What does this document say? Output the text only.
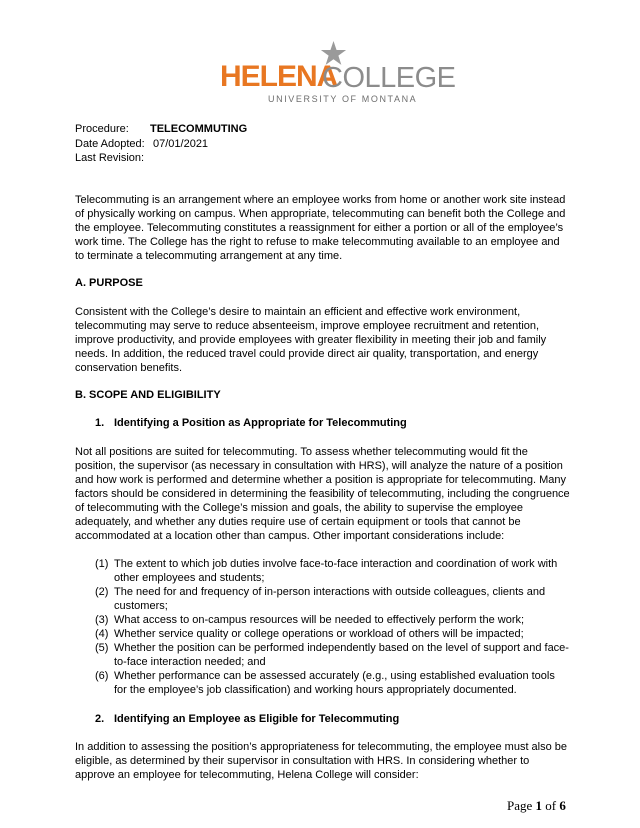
HELENA
COLLEGE
UNIVERSITY OF MONTANA
Procedure:	TELECOMMUTING
Date Adopted: 07/01/2021
Last Revision:

Telecommuting is an arrangement where an employee works from home or another work site instead of physically working on campus. When appropriate, telecommuting can benefit both the College and the employee. Telecommuting constitutes a reassignment for either a portion or all of the employee’s work time. The College has the right to refuse to make telecommuting available to an employee and to terminate a telecommuting arrangement at any time.

A. PURPOSE

Consistent with the College’s desire to maintain an efficient and effective work environment, telecommuting may serve to reduce absenteeism, improve employee recruitment and retention, improve productivity, and provide employees with greater flexibility in meeting their job and family needs. In addition, the reduced travel could provide direct air quality, transportation, and energy conservation benefits.

B. SCOPE AND ELIGIBILITY
1. Identifying a Position as Appropriate for Telecommuting

Not all positions are suited for telecommuting. To assess whether telecommuting would fit the position, the supervisor (as necessary in consultation with HRS), will analyze the nature of a position and how work is performed and determine whether a position is appropriate for telecommuting. Many factors should be considered in determining the feasibility of telecommuting, including the congruence of telecommuting with the College’s mission and goals, the ability to supervise the employee adequately, and whether any duties require use of certain equipment or tools that cannot be accommodated at a location other than campus. Other important considerations include:

(1) The extent to which job duties involve face-to-face interaction and coordination of work with other employees and students;
(2) The need for and frequency of in-person interactions with outside colleagues, clients and customers;
(3) What access to on-campus resources will be needed to effectively perform the work;
(4) Whether service quality or college operations or workload of others will be impacted;
(5) Whether the position can be performed independently based on the level of support and face-to-face interaction needed; and
(6) Whether performance can be assessed accurately (e.g., using established evaluation tools for the employee’s job classification) and working hours appropriately documented.
2. Identifying an Employee as Eligible for Telecommuting

In addition to assessing the position’s appropriateness for telecommuting, the employee must also be eligible, as determined by their supervisor in consultation with HRS. In considering whether to approve an employee for telecommuting, Helena College will consider:

Page 1 of 6
